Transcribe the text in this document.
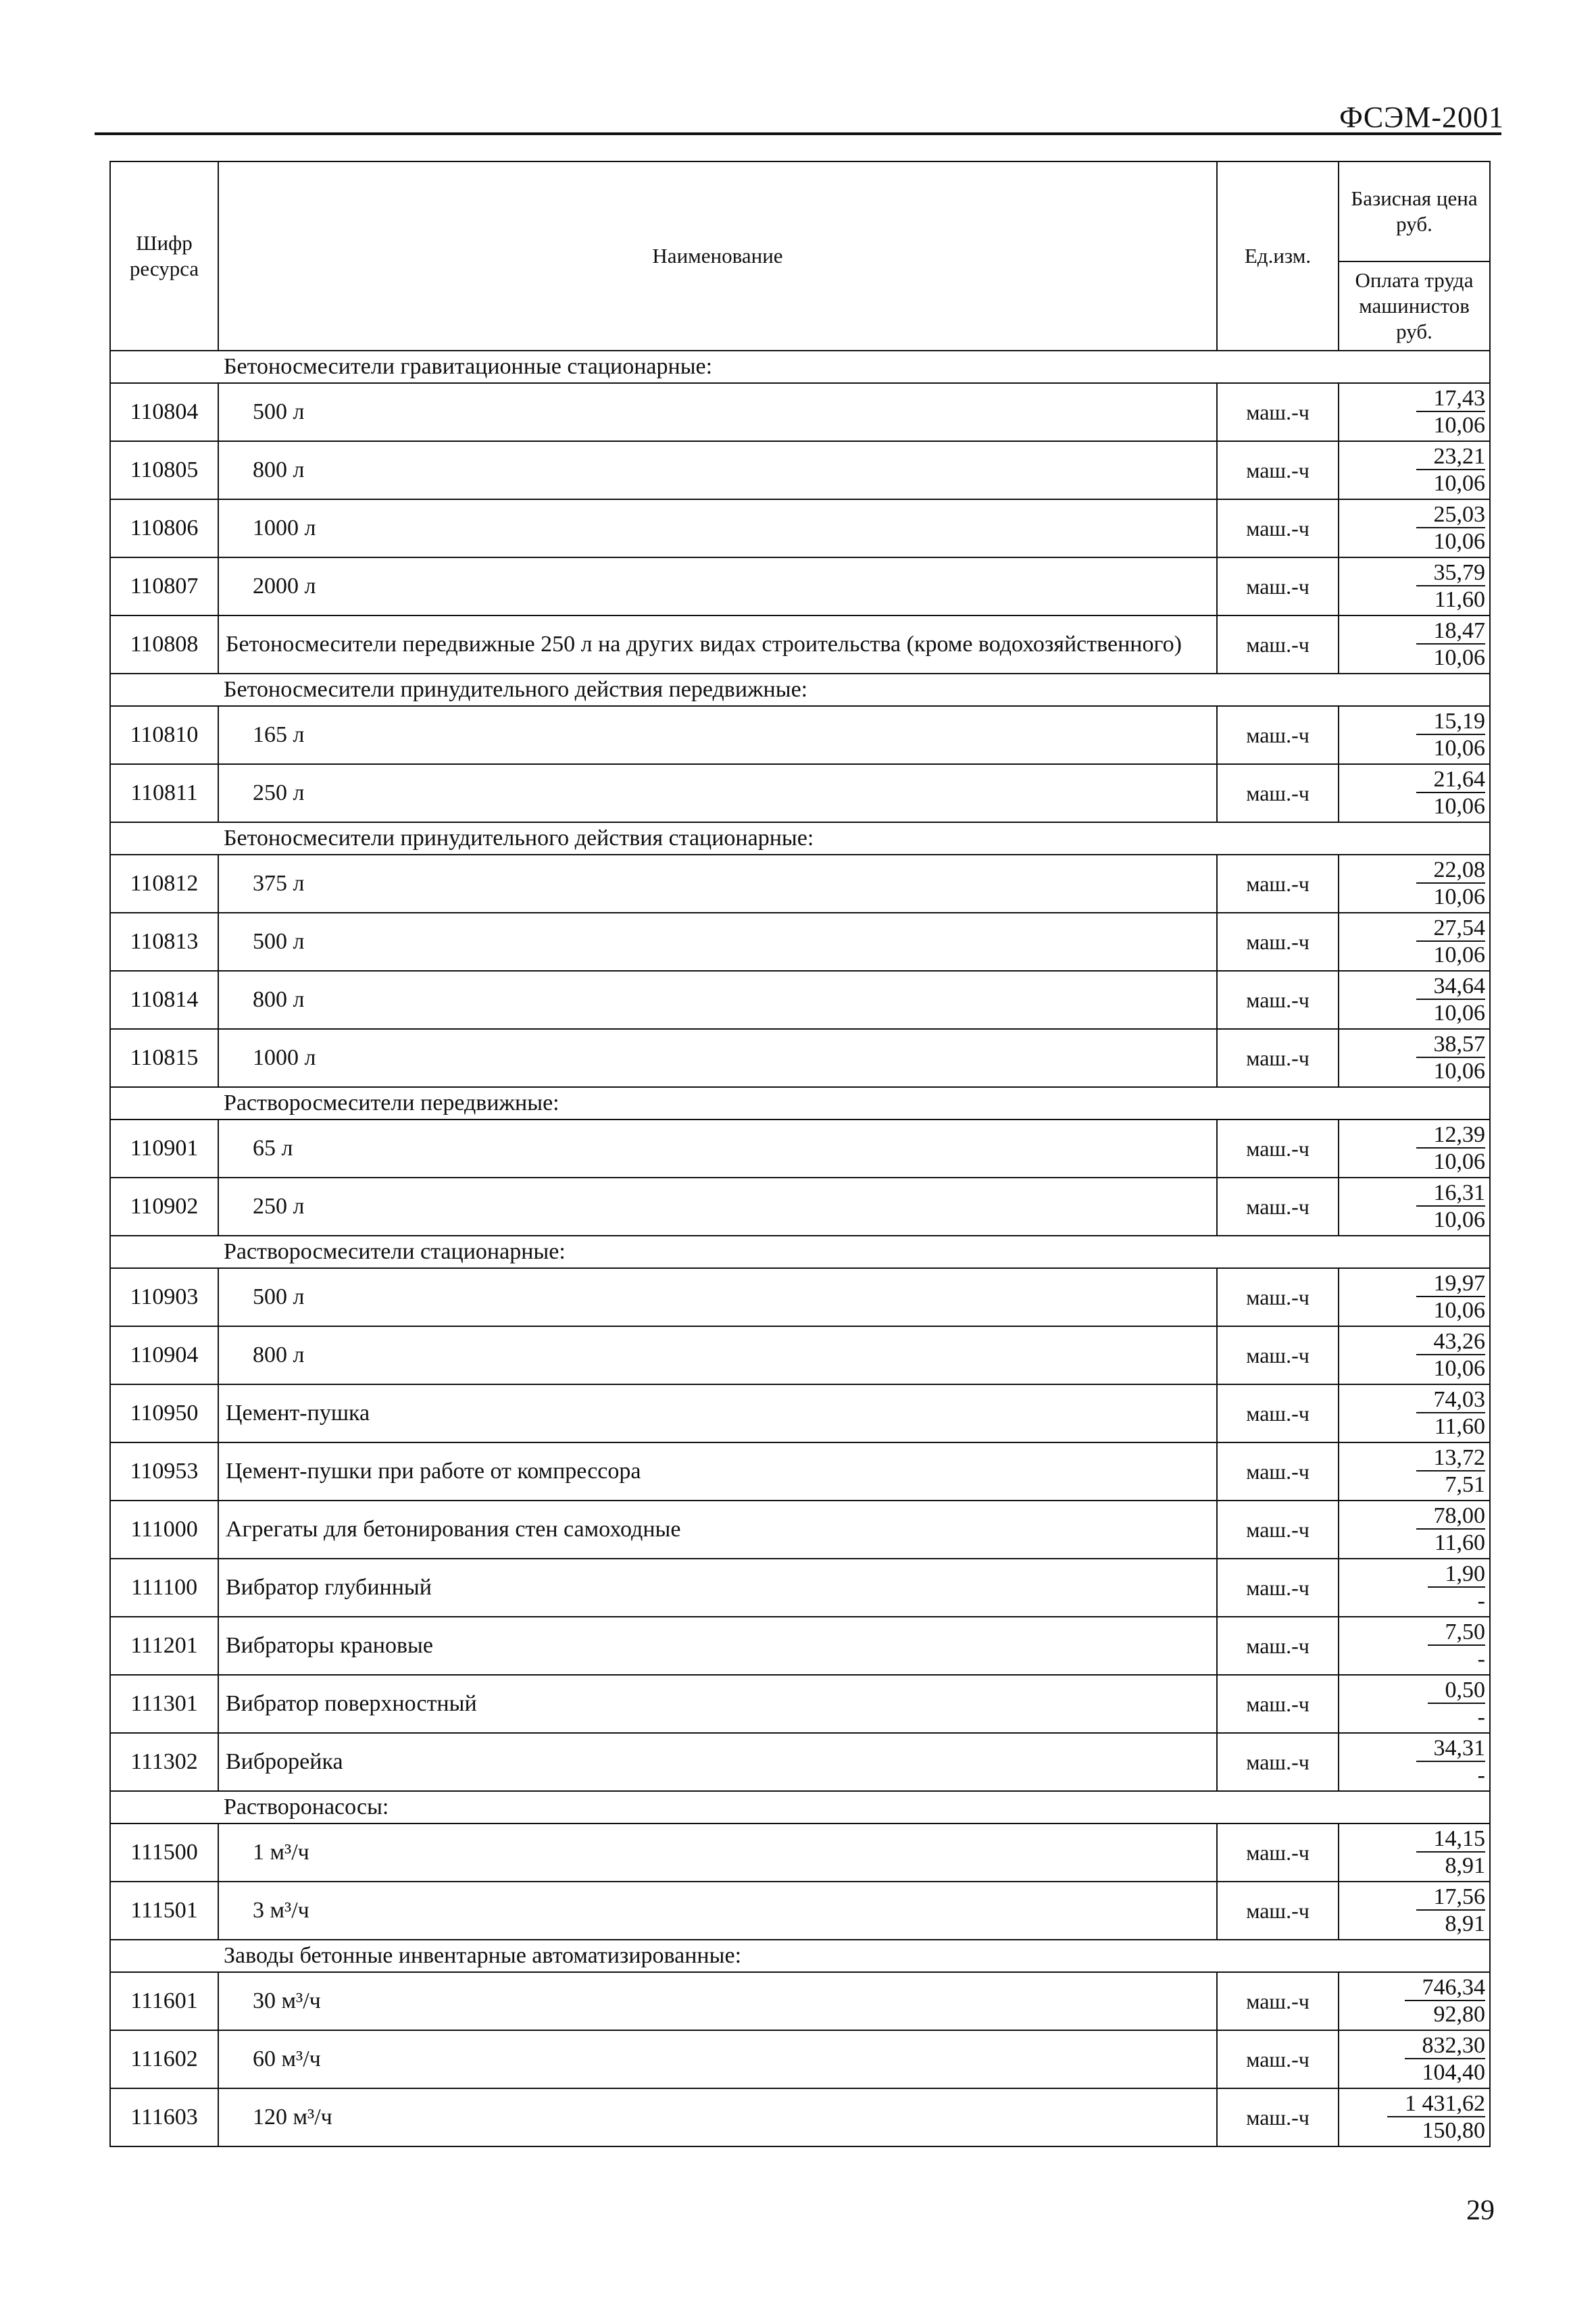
ФСЭМ-2001
Шифр ресурса	Наименование	Ед.изм.	Базисная цена руб.
			Оплата труда машинистов руб.
	Бетоносмесители гравитационные стационарные:		
110804	500 л	маш.-ч	17,43
10,06

110805	800 л	маш.-ч	23,21
10,06

110806	1000 л	маш.-ч	25,03
10,06

110807	2000 л	маш.-ч	35,79
11,60

110808	Бетоносмесители передвижные 250 л на других видах строительства (кроме водохозяйственного)	маш.-ч	18,47
10,06

	Бетоносмесители принудительного действия передвижные:		
110810	165 л	маш.-ч	15,19
10,06

110811	250 л	маш.-ч	21,64
10,06

	Бетоносмесители принудительного действия стационарные:		
110812	375 л	маш.-ч	22,08
10,06

110813	500 л	маш.-ч	27,54
10,06

110814	800 л	маш.-ч	34,64
10,06

110815	1000 л	маш.-ч	38,57
10,06

	Растворосмесители передвижные:		
110901	65 л	маш.-ч	12,39
10,06

110902	250 л	маш.-ч	16,31
10,06

	Растворосмесители стационарные:		
110903	500 л	маш.-ч	19,97
10,06

110904	800 л	маш.-ч	43,26
10,06

110950	Цемент-пушка	маш.-ч	74,03
11,60

110953	Цемент-пушки при работе от компрессора	маш.-ч	13,72
7,51

111000	Агрегаты для бетонирования стен самоходные	маш.-ч	78,00
11,60

111100	Вибратор глубинный	маш.-ч	1,90
-

111201	Вибраторы крановые	маш.-ч	7,50
-

111301	Вибратор поверхностный	маш.-ч	0,50
-

111302	Виброрейка	маш.-ч	34,31
-

	Растворонасосы:		
111500	1 м³/ч	маш.-ч	14,15
8,91

111501	3 м³/ч	маш.-ч	17,56
8,91

	Заводы бетонные инвентарные автоматизированные:		
111601	30 м³/ч	маш.-ч	746,34
92,80

111602	60 м³/ч	маш.-ч	832,30
104,40

111603	120 м³/ч	маш.-ч	1 431,62
150,80
29
